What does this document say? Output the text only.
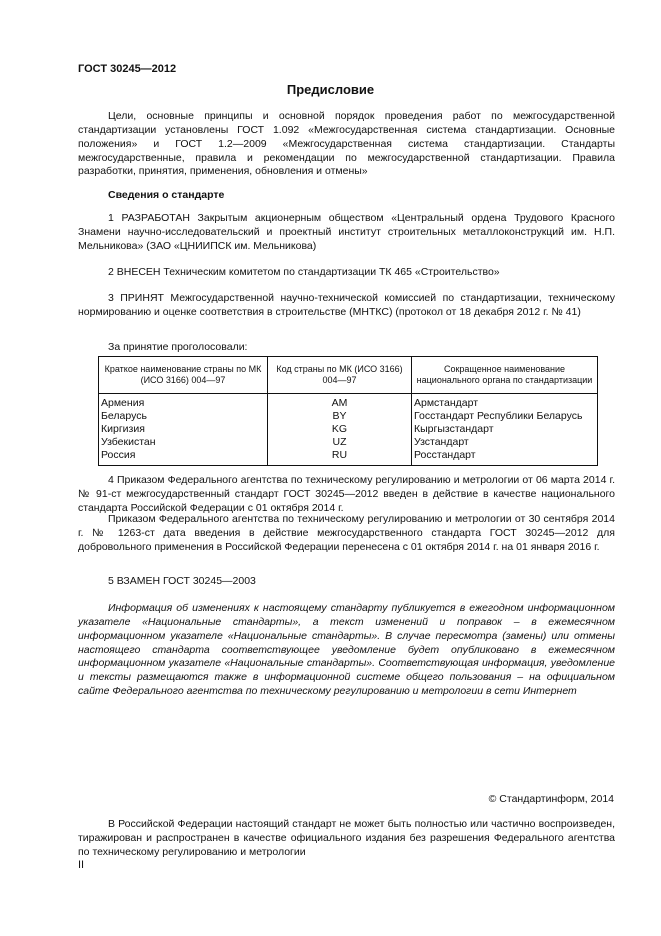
ГОСТ 30245—2012
Предисловие
Цели, основные принципы и основной порядок проведения работ по межгосударственной стандартизации установлены ГОСТ 1.092 «Межгосударственная система стандартизации. Основные положения» и ГОСТ 1.2—2009 «Межгосударственная система стандартизации. Стандарты межгосударственные, правила и рекомендации по межгосударственной стандартизации. Правила разработки, принятия, применения, обновления и отмены»
Сведения о стандарте
1 РАЗРАБОТАН Закрытым акционерным обществом «Центральный ордена Трудового Красного Знамени научно-исследовательский и проектный институт строительных металлоконструкций им. Н.П. Мельникова» (ЗАО «ЦНИИПСК им. Мельникова)
2 ВНЕСЕН Техническим комитетом по стандартизации ТК 465 «Строительство»
3 ПРИНЯТ Межгосударственной научно-технической комиссией по стандартизации, техническому нормированию и оценке соответствия в строительстве (МНТКС) (протокол от 18 декабря 2012 г. № 41)
За принятие проголосовали:
Краткое наименование страны по МК (ИСО 3166) 004—97	Код страны по МК (ИСО 3166) 004—97	Сокращенное наименование национального органа по стандартизации
Армения	AM	Армстандарт
Беларусь	BY	Госстандарт Республики Беларусь
Киргизия	KG	Кыргызстандарт
Узбекистан	UZ	Узстандарт
Россия	RU	Росстандарт
4 Приказом Федерального агентства по техническому регулированию и метрологии от 06 марта 2014 г. № 91-ст межгосударственный стандарт ГОСТ 30245—2012 введен в действие в качестве национального стандарта Российской Федерации с 01 октября 2014 г.
Приказом Федерального агентства по техническому регулированию и метрологии от 30 сентября 2014 г. № 1263-ст дата введения в действие межгосударственного стандарта ГОСТ 30245—2012 для добровольного применения в Российской Федерации перенесена с 01 октября 2014 г. на 01 января 2016 г.
5 ВЗАМЕН ГОСТ 30245—2003
Информация об изменениях к настоящему стандарту публикуется в ежегодном информационном указателе «Национальные стандарты», а текст изменений и поправок – в ежемесячном информационном указателе «Национальные стандарты». В случае пересмотра (замены) или отмены настоящего стандарта соответствующее уведомление будет опубликовано в ежемесячном информационном указателе «Национальные стандарты». Соответствующая информация, уведомление и тексты размещаются также в информационной системе общего пользования – на официальном сайте Федерального агентства по техническому регулированию и метрологии в сети Интернет
© Стандартинформ, 2014
В Российской Федерации настоящий стандарт не может быть полностью или частично воспроизведен, тиражирован и распространен в качестве официального издания без разрешения Федерального агентства по техническому регулированию и метрологии
II
